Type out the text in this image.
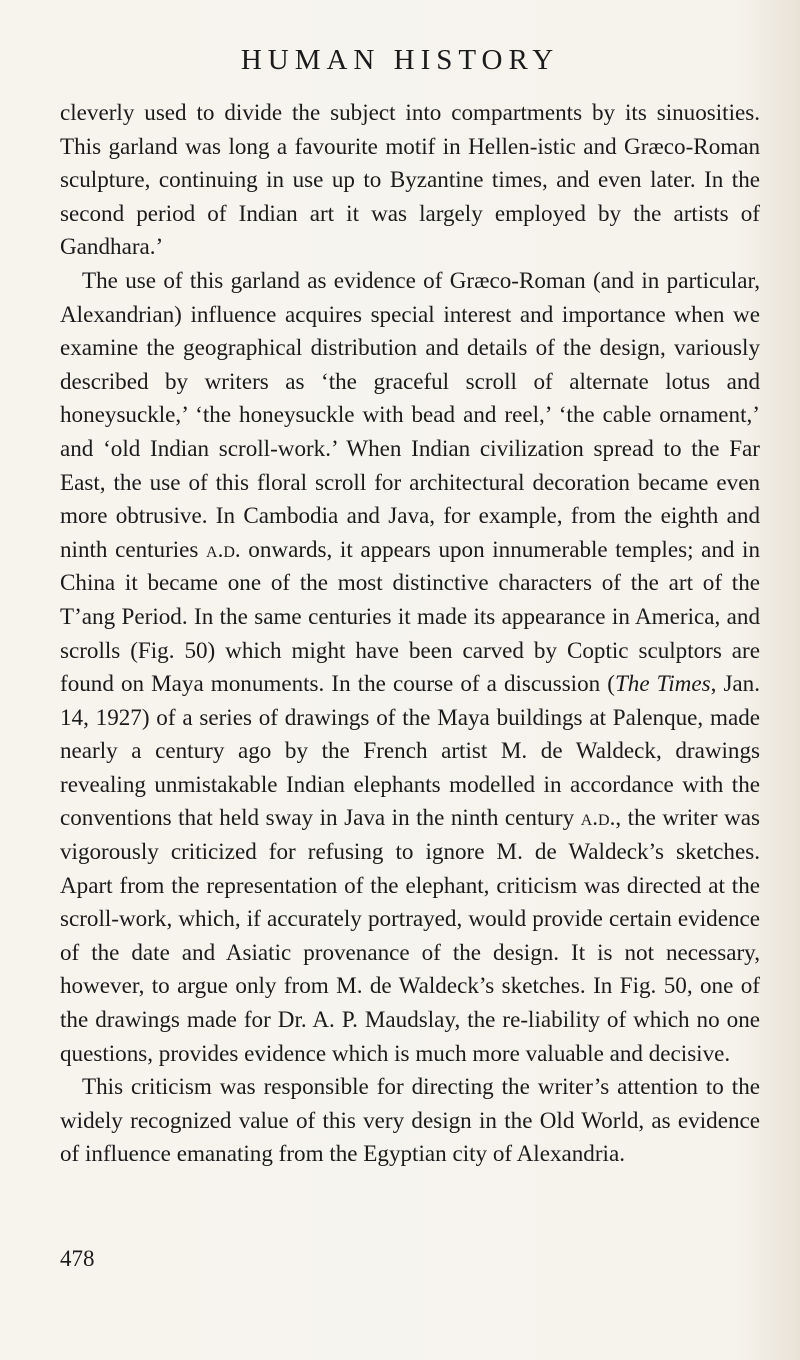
HUMAN HISTORY

cleverly used to divide the subject into compartments by its sinuosities. This garland was long a favourite motif in Hellen-istic and Græco-Roman sculpture, continuing in use up to Byzantine times, and even later. In the second period of Indian art it was largely employed by the artists of Gandhara.’

The use of this garland as evidence of Græco-Roman (and in particular, Alexandrian) influence acquires special interest and importance when we examine the geographical distribution and details of the design, variously described by writers as ‘the graceful scroll of alternate lotus and honeysuckle,’ ‘the honeysuckle with bead and reel,’ ‘the cable ornament,’ and ‘old Indian scroll-work.’ When Indian civilization spread to the Far East, the use of this floral scroll for architectural decoration became even more obtrusive. In Cambodia and Java, for example, from the eighth and ninth centuries a.d. onwards, it appears upon innumerable temples; and in China it became one of the most distinctive characters of the art of the T’ang Period. In the same centuries it made its appearance in America, and scrolls (Fig. 50) which might have been carved by Coptic sculptors are found on Maya monuments. In the course of a discussion (The Times, Jan. 14, 1927) of a series of drawings of the Maya buildings at Palenque, made nearly a century ago by the French artist M. de Waldeck, drawings revealing unmistakable Indian elephants modelled in accordance with the conventions that held sway in Java in the ninth century a.d., the writer was vigorously criticized for refusing to ignore M. de Waldeck’s sketches. Apart from the representation of the elephant, criticism was directed at the scroll-work, which, if accurately portrayed, would provide certain evidence of the date and Asiatic provenance of the design. It is not necessary, however, to argue only from M. de Waldeck’s sketches. In Fig. 50, one of the drawings made for Dr. A. P. Maudslay, the re-liability of which no one questions, provides evidence which is much more valuable and decisive.

This criticism was responsible for directing the writer’s attention to the widely recognized value of this very design in the Old World, as evidence of influence emanating from the Egyptian city of Alexandria.

478
